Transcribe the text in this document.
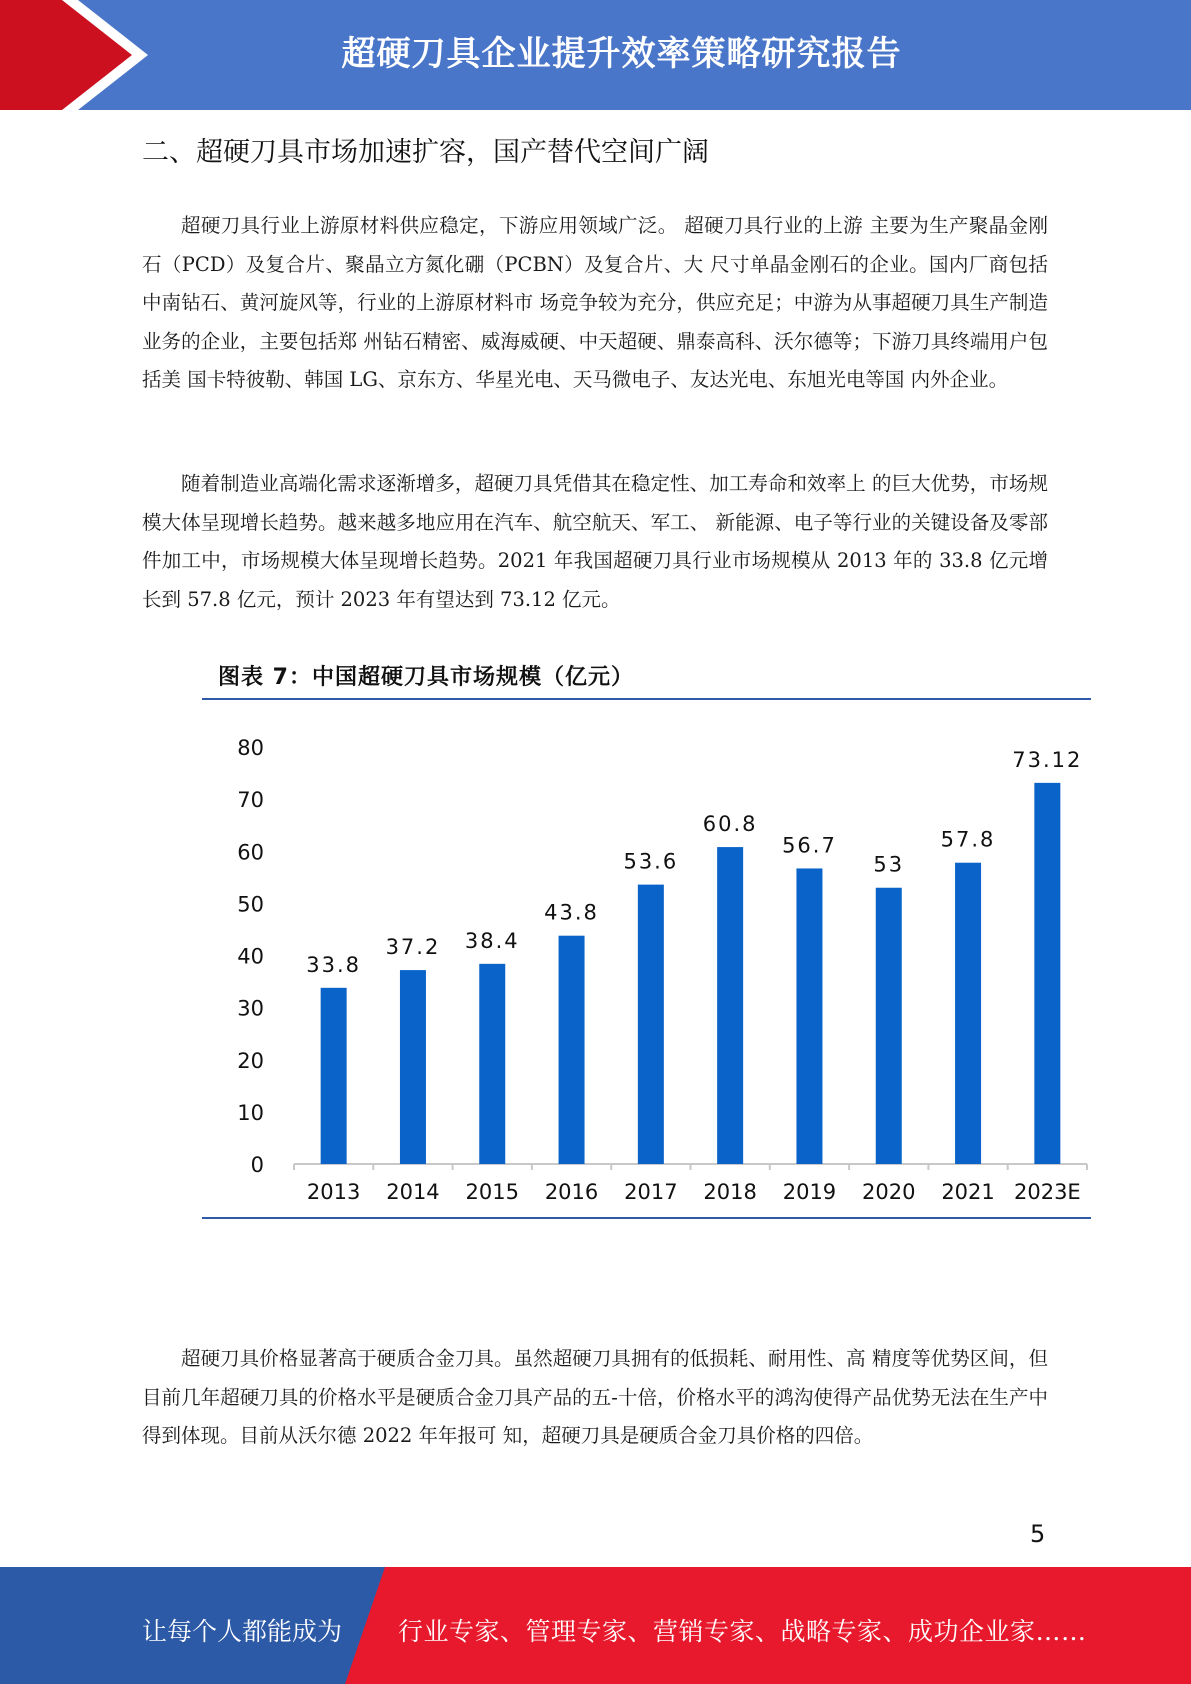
超硬刀具企业提升效率策略研究报告
二、超硬刀具市场加速扩容，国产替代空间广阔

超硬刀具行业上游原材料供应稳定，下游应用领域广泛。 超硬刀具行业的上游 主要为生产聚晶金刚石（PCD）及复合片、聚晶立方氮化硼（PCBN）及复合片、大 尺寸单晶金刚石的企业。国内厂商包括中南钻石、黄河旋风等，行业的上游原材料市 场竞争较为充分，供应充足；中游为从事超硬刀具生产制造业务的企业，主要包括郑 州钻石精密、威海威硬、中天超硬、鼎泰高科、沃尔德等；下游刀具终端用户包括美 国卡特彼勒、韩国 LG、京东方、华星光电、天马微电子、友达光电、东旭光电等国 内外企业。

随着制造业高端化需求逐渐增多，超硬刀具凭借其在稳定性、加工寿命和效率上 的巨大优势，市场规模大体呈现增长趋势。越来越多地应用在汽车、航空航天、军工、 新能源、电子等行业的关键设备及零部件加工中，市场规模大体呈现增长趋势。2021 年我国超硬刀具行业市场规模从 2013 年的 33.8 亿元增长到 57.8 亿元，预计 2023 年有望达到 73.12 亿元。

图表 7：中国超硬刀具市场规模（亿元）
0
10
20
30
40
50
60
70
80
33.8
2013
37.2
2014
38.4
2015
43.8
2016
53.6
2017
60.8
2018
56.7
2019
53
2020
57.8
2021
73.12
2023E

超硬刀具价格显著高于硬质合金刀具。虽然超硬刀具拥有的低损耗、耐用性、高 精度等优势区间，但目前几年超硬刀具的价格水平是硬质合金刀具产品的五-十倍，价格水平的鸿沟使得产品优势无法在生产中得到体现。目前从沃尔德 2022 年年报可 知，超硬刀具是硬质合金刀具价格的四倍。

5
让每个人都能成为 行业专家、管理专家、营销专家、战略专家、成功企业家……
